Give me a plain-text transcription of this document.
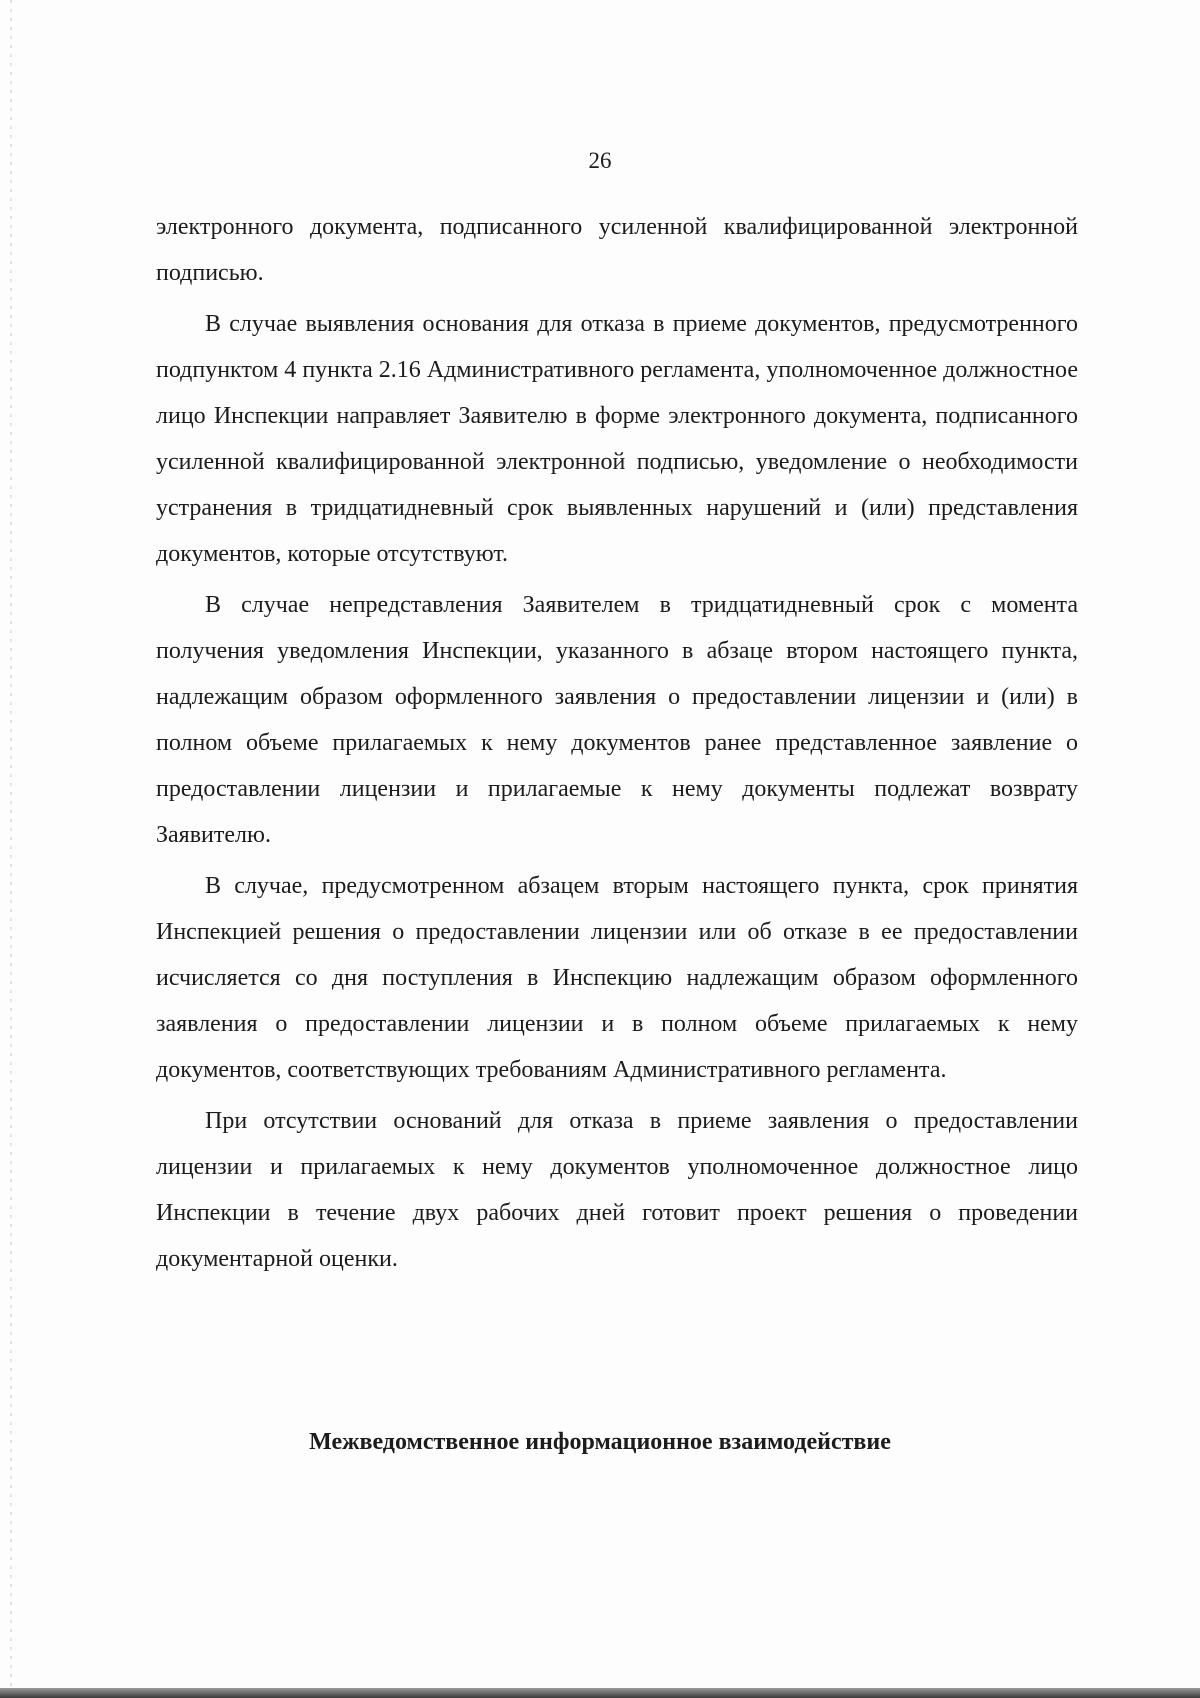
26

электронного документа, подписанного усиленной квалифицированной электронной подписью.

В случае выявления основания для отказа в приеме документов, предусмотренного подпунктом 4 пункта 2.16 Административного регламента, уполномоченное должностное лицо Инспекции направляет Заявителю в форме электронного документа, подписанного усиленной квалифицированной электронной подписью, уведомление о необходимости устранения в тридцатидневный срок выявленных нарушений и (или) представления документов, которые отсутствуют.

В случае непредставления Заявителем в тридцатидневный срок с момента получения уведомления Инспекции, указанного в абзаце втором настоящего пункта, надлежащим образом оформленного заявления о предоставлении лицензии и (или) в полном объеме прилагаемых к нему документов ранее представленное заявление о предоставлении лицензии и прилагаемые к нему документы подлежат возврату Заявителю.

В случае, предусмотренном абзацем вторым настоящего пункта, срок принятия Инспекцией решения о предоставлении лицензии или об отказе в ее предоставлении исчисляется со дня поступления в Инспекцию надлежащим образом оформленного заявления о предоставлении лицензии и в полном объеме прилагаемых к нему документов, соответствующих требованиям Административного регламента.

При отсутствии оснований для отказа в приеме заявления о предоставлении лицензии и прилагаемых к нему документов уполномоченное должностное лицо Инспекции в течение двух рабочих дней готовит проект решения о проведении документарной оценки.

Межведомственное информационное взаимодействие
